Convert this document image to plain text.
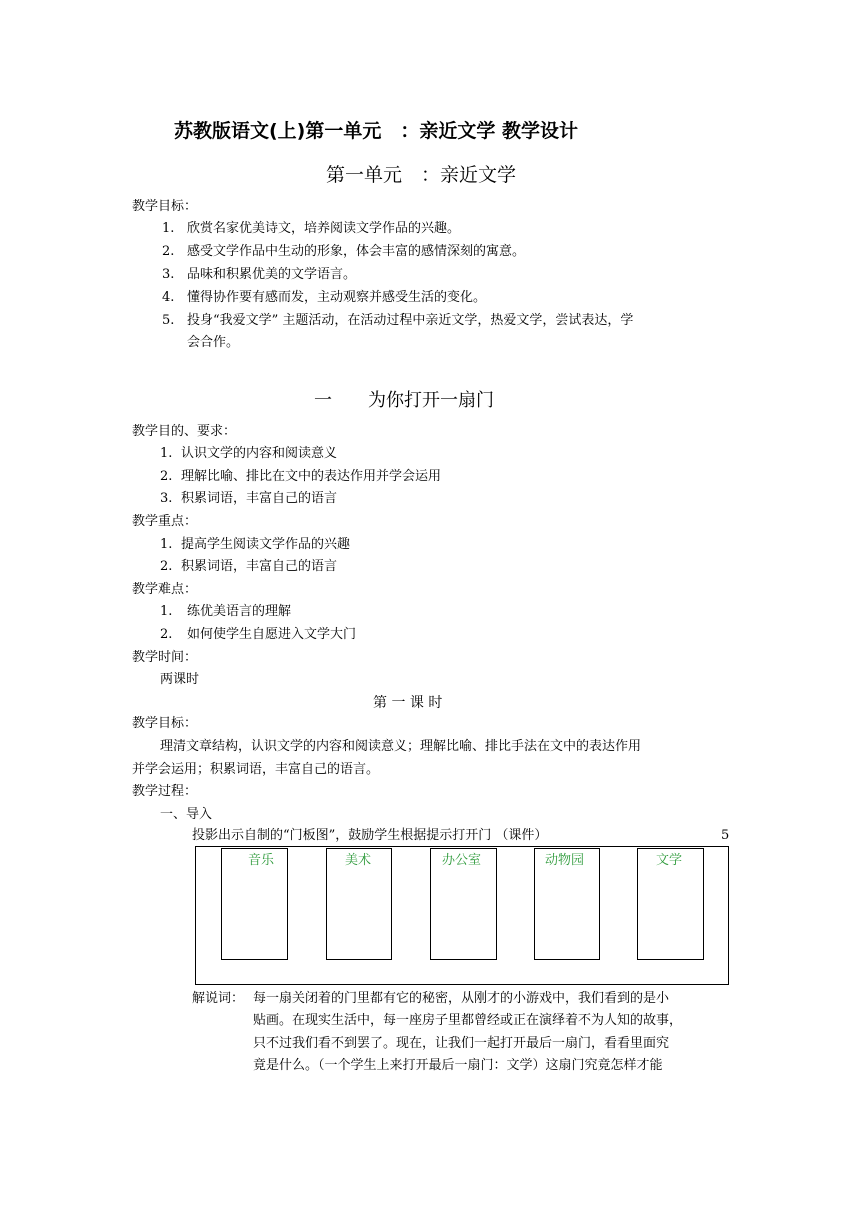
苏教版语文(上)第一单元　：亲近文学 教学设计
第一单元　：亲近文学
教学目标：
1. 欣赏名家优美诗文，培养阅读文学作品的兴趣。
2. 感受文学作品中生动的形象，体会丰富的感情深刻的寓意。
3. 品味和积累优美的文学语言。
4. 懂得协作要有感而发，主动观察并感受生活的变化。
5. 投身“我爱文学” 主题活动，在活动过程中亲近文学，热爱文学，尝试表达，学
会合作。
一 为你打开一扇门
教学目的、要求：
1. 认识文学的内容和阅读意义
2. 理解比喻、排比在文中的表达作用并学会运用
3. 积累词语，丰富自己的语言
教学重点：
1. 提高学生阅读文学作品的兴趣
2. 积累词语，丰富自己的语言
教学难点：
1. 练优美语言的理解
2. 如何使学生自愿进入文学大门
教学时间：
两课时
第 一 课 时
教学目标：
理清文章结构，认识文学的内容和阅读意义；理解比喻、排比手法在文中的表达作用
并学会运用；积累词语，丰富自己的语言。
教学过程：
一、导入
投影出示自制的“门板图”，鼓励学生根据提示打开门 （课件）	5
音乐	美术	办公室	动物园	文学
解说词： 每一扇关闭着的门里都有它的秘密，从刚才的小游戏中，我们看到的是小
贴画。在现实生活中，每一座房子里都曾经或正在演绎着不为人知的故事，
只不过我们看不到罢了。现在，让我们一起打开最后一扇门，看看里面究
竟是什么。（一个学生上来打开最后一扇门：文学）这扇门究竟怎样才能
